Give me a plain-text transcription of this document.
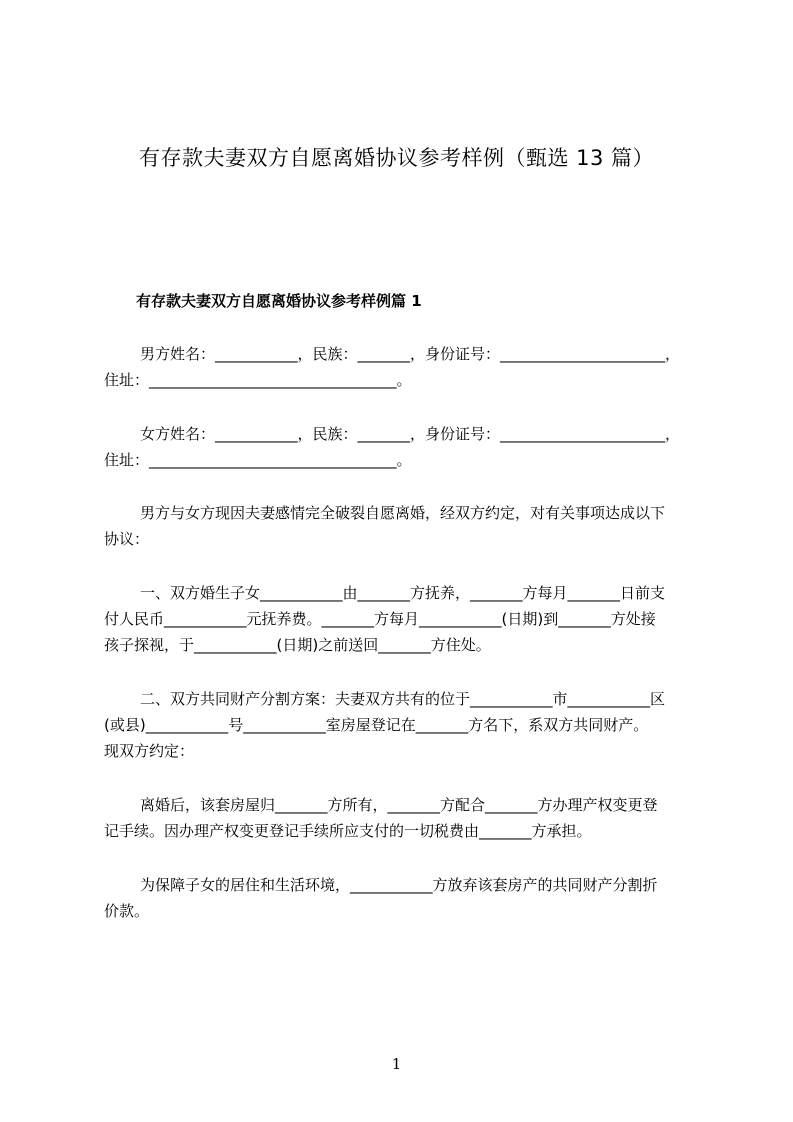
有存款夫妻双方自愿离婚协议参考样例（甄选 13 篇）
有存款夫妻双方自愿离婚协议参考样例篇 1
男方姓名：___________，民族：_______，身份证号：______________________，
住址：_________________________________。
女方姓名：___________，民族：_______，身份证号：______________________，
住址：_________________________________。
男方与女方现因夫妻感情完全破裂自愿离婚，经双方约定，对有关事项达成以下
协议：
一、双方婚生子女___________由_______方抚养，_______方每月_______日前支
付人民币___________元抚养费。_______方每月___________(日期)到_______方处接
孩子探视，于___________(日期)之前送回_______方住处。
二、双方共同财产分割方案：夫妻双方共有的位于___________市___________区
(或县)___________号___________室房屋登记在_______方名下，系双方共同财产。
现双方约定：
离婚后，该套房屋归_______方所有，_______方配合_______方办理产权变更登
记手续。因办理产权变更登记手续所应支付的一切税费由_______方承担。
为保障子女的居住和生活环境，___________方放弃该套房产的共同财产分割折
价款。
1
